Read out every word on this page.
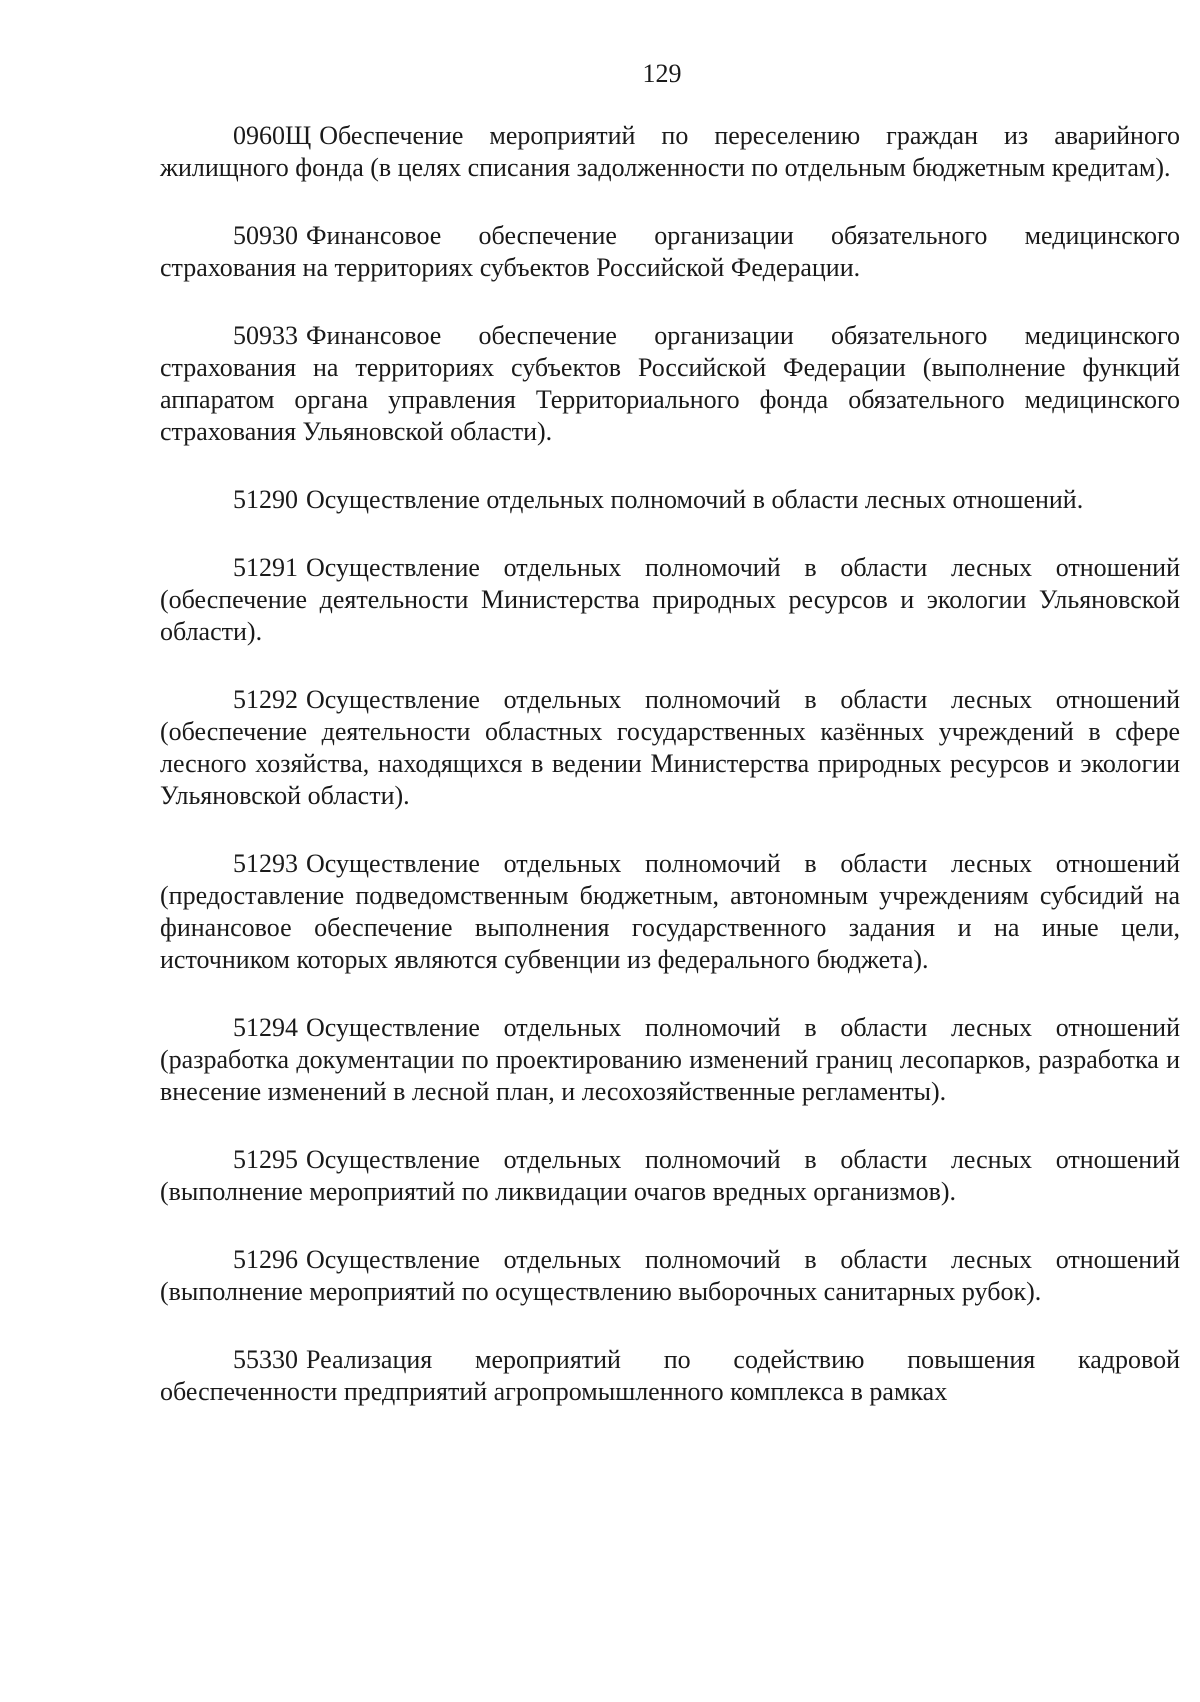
129

0960Щ Обеспечение мероприятий по переселению граждан из аварийного жилищного фонда (в целях списания задолженности по отдельным бюджетным кредитам).

50930 Финансовое обеспечение организации обязательного медицинского страхования на территориях субъектов Российской Федерации.

50933 Финансовое обеспечение организации обязательного медицинского страхования на территориях субъектов Российской Федерации (выполнение функций аппаратом органа управления Территориального фонда обязательного медицинского страхования Ульяновской области).

51290 Осуществление отдельных полномочий в области лесных отношений.

51291 Осуществление отдельных полномочий в области лесных отношений (обеспечение деятельности Министерства природных ресурсов и экологии Ульяновской области).

51292 Осуществление отдельных полномочий в области лесных отношений (обеспечение деятельности областных государственных казённых учреждений в сфере лесного хозяйства, находящихся в ведении Министерства природных ресурсов и экологии Ульяновской области).

51293 Осуществление отдельных полномочий в области лесных отношений (предоставление подведомственным бюджетным, автономным учреждениям субсидий на финансовое обеспечение выполнения государственного задания и на иные цели, источником которых являются субвенции из федерального бюджета).

51294 Осуществление отдельных полномочий в области лесных отношений (разработка документации по проектированию изменений границ лесопарков, разработка и внесение изменений в лесной план, и лесохозяйственные регламенты).

51295 Осуществление отдельных полномочий в области лесных отношений (выполнение мероприятий по ликвидации очагов вредных организмов).

51296 Осуществление отдельных полномочий в области лесных отношений (выполнение мероприятий по осуществлению выборочных санитарных рубок).

55330 Реализация мероприятий по содействию повышения кадровой обеспеченности предприятий агропромышленного комплекса в рамках
